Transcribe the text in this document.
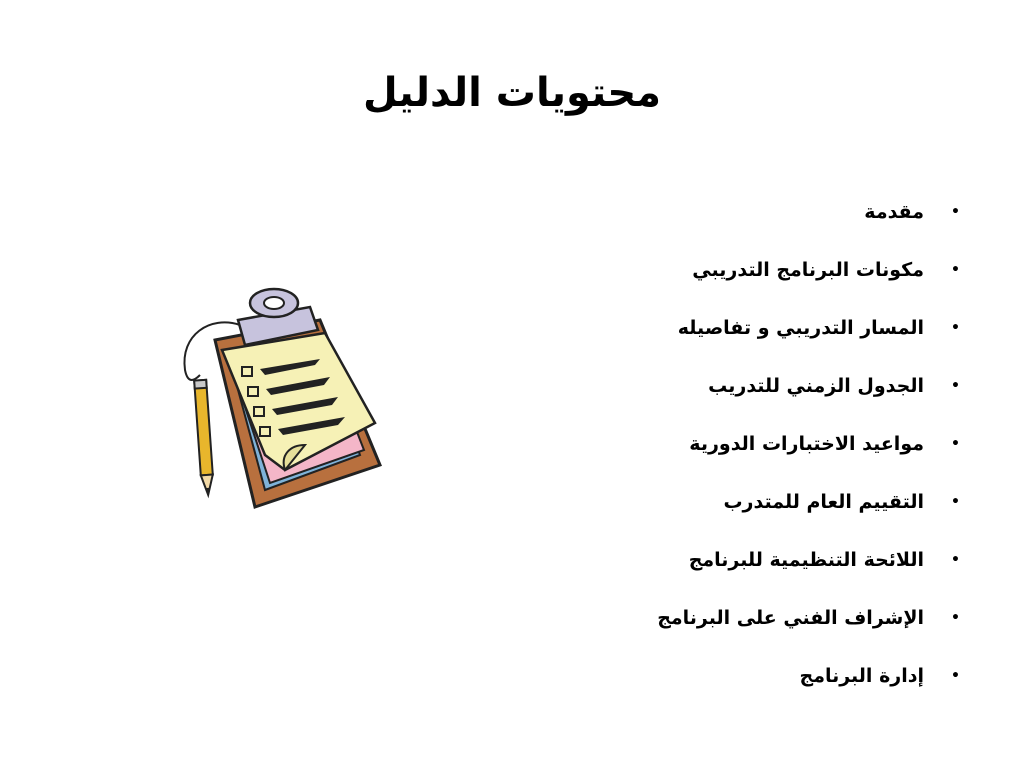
محتويات الدليل
•
مقدمة
•
مكونات البرنامج التدريبي
•
المسار التدريبي و تفاصيله
•
الجدول الزمني للتدريب
•
مواعيد الاختبارات الدورية
•
التقييم العام للمتدرب
•
اللائحة التنظيمية للبرنامج
•
الإشراف الفني على البرنامج
•
إدارة البرنامج
